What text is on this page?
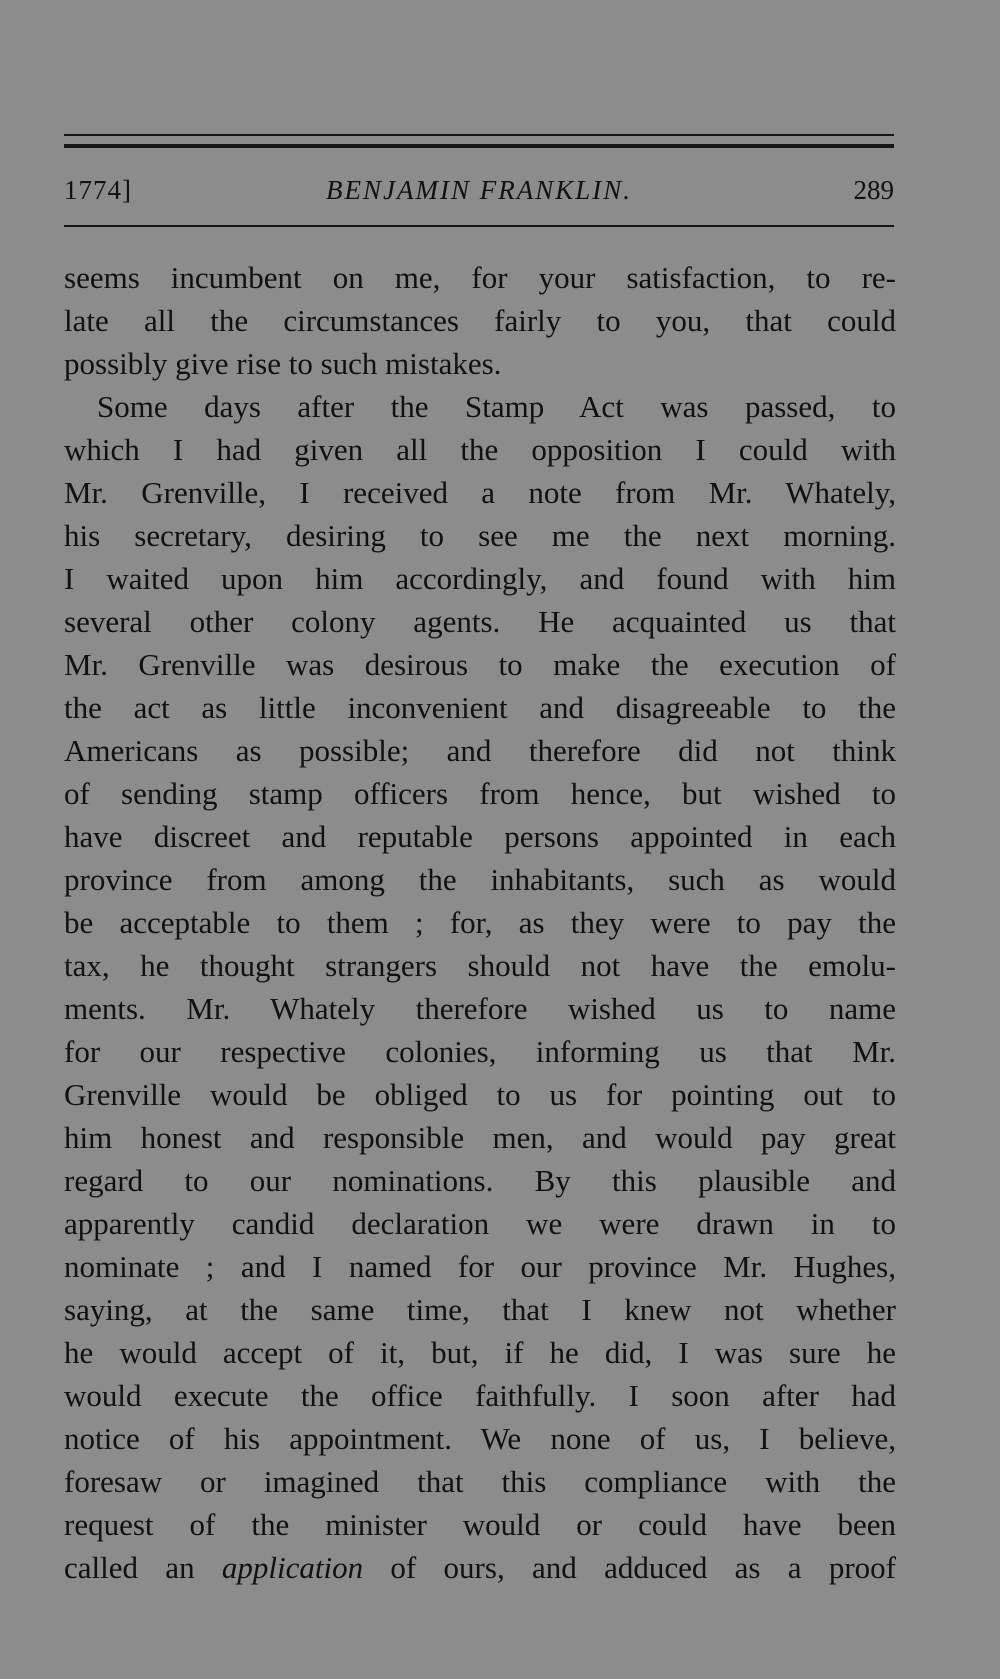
1774]	BENJAMIN FRANKLIN.	289
seems incumbent on me, for your satisfaction, to re-
late all the circumstances fairly to you, that could
possibly give rise to such mistakes.
Some days after the Stamp Act was passed, to
which I had given all the opposition I could with
Mr. Grenville, I received a note from Mr. Whately,
his secretary, desiring to see me the next morning.
I waited upon him accordingly, and found with him
several other colony agents. He acquainted us that
Mr. Grenville was desirous to make the execution of
the act as little inconvenient and disagreeable to the
Americans as possible; and therefore did not think
of sending stamp officers from hence, but wished to
have discreet and reputable persons appointed in each
province from among the inhabitants, such as would
be acceptable to them ; for, as they were to pay the
tax, he thought strangers should not have the emolu-
ments. Mr. Whately therefore wished us to name
for our respective colonies, informing us that Mr.
Grenville would be obliged to us for pointing out to
him honest and responsible men, and would pay great
regard to our nominations. By this plausible and
apparently candid declaration we were drawn in to
nominate ; and I named for our province Mr. Hughes,
saying, at the same time, that I knew not whether
he would accept of it, but, if he did, I was sure he
would execute the office faithfully. I soon after had
notice of his appointment. We none of us, I believe,
foresaw or imagined that this compliance with the
request of the minister would or could have been
called an application of ours, and adduced as a proof
